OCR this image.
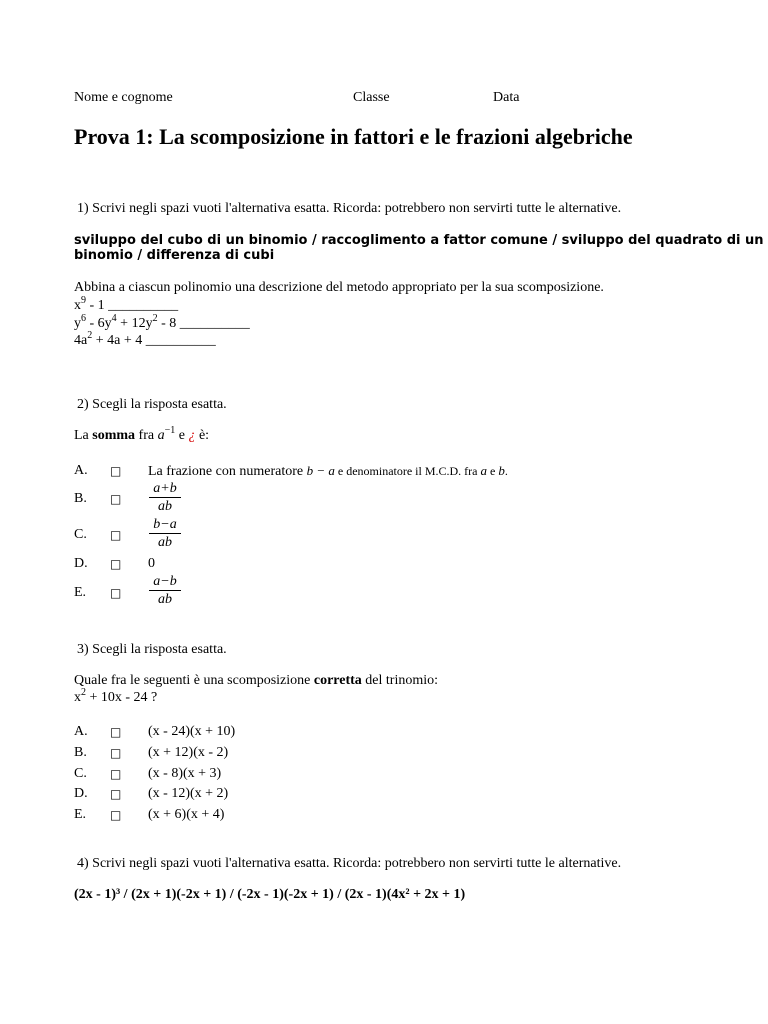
Nome e cognome	Classe	Data
Prova 1: La scomposizione in fattori e le frazioni algebriche
1) Scrivi negli spazi vuoti l'alternativa esatta. Ricorda: potrebbero non servirti tutte le alternative.
sviluppo del cubo di un binomio / raccoglimento a fattor comune / sviluppo del quadrato di un
binomio / differenza di cubi
Abbina a ciascun polinomio una descrizione del metodo appropriato per la sua scomposizione.
$x^9 - 1$ __________
$y^6 - 6y^4 + 12y^2 - 8$ __________
$4a^2 + 4a + 4$ __________
2) Scegli la risposta esatta.
La somma fra $a^{-1}$ e ¿ è:
A. □ La frazione con numeratore b − a e denominatore il M.C.D. fra a e b.
B. □
a+b
ab
C. □
b−a
ab
D. □ 0
E. □
a−b
ab
3) Scegli la risposta esatta.
Quale fra le seguenti è una scomposizione corretta del trinomio:
$x^2 + 10x - 24$ ?
A. □ (x - 24)(x + 10)
B. □ (x + 12)(x - 2)
C. □ (x - 8)(x + 3)
D. □ (x - 12)(x + 2)
E. □ (x + 6)(x + 4)
4) Scrivi negli spazi vuoti l'alternativa esatta. Ricorda: potrebbero non servirti tutte le alternative.
(2x - 1)³ / (2x + 1)(-2x + 1) / (-2x - 1)(-2x + 1) / (2x - 1)(4x² + 2x + 1)
